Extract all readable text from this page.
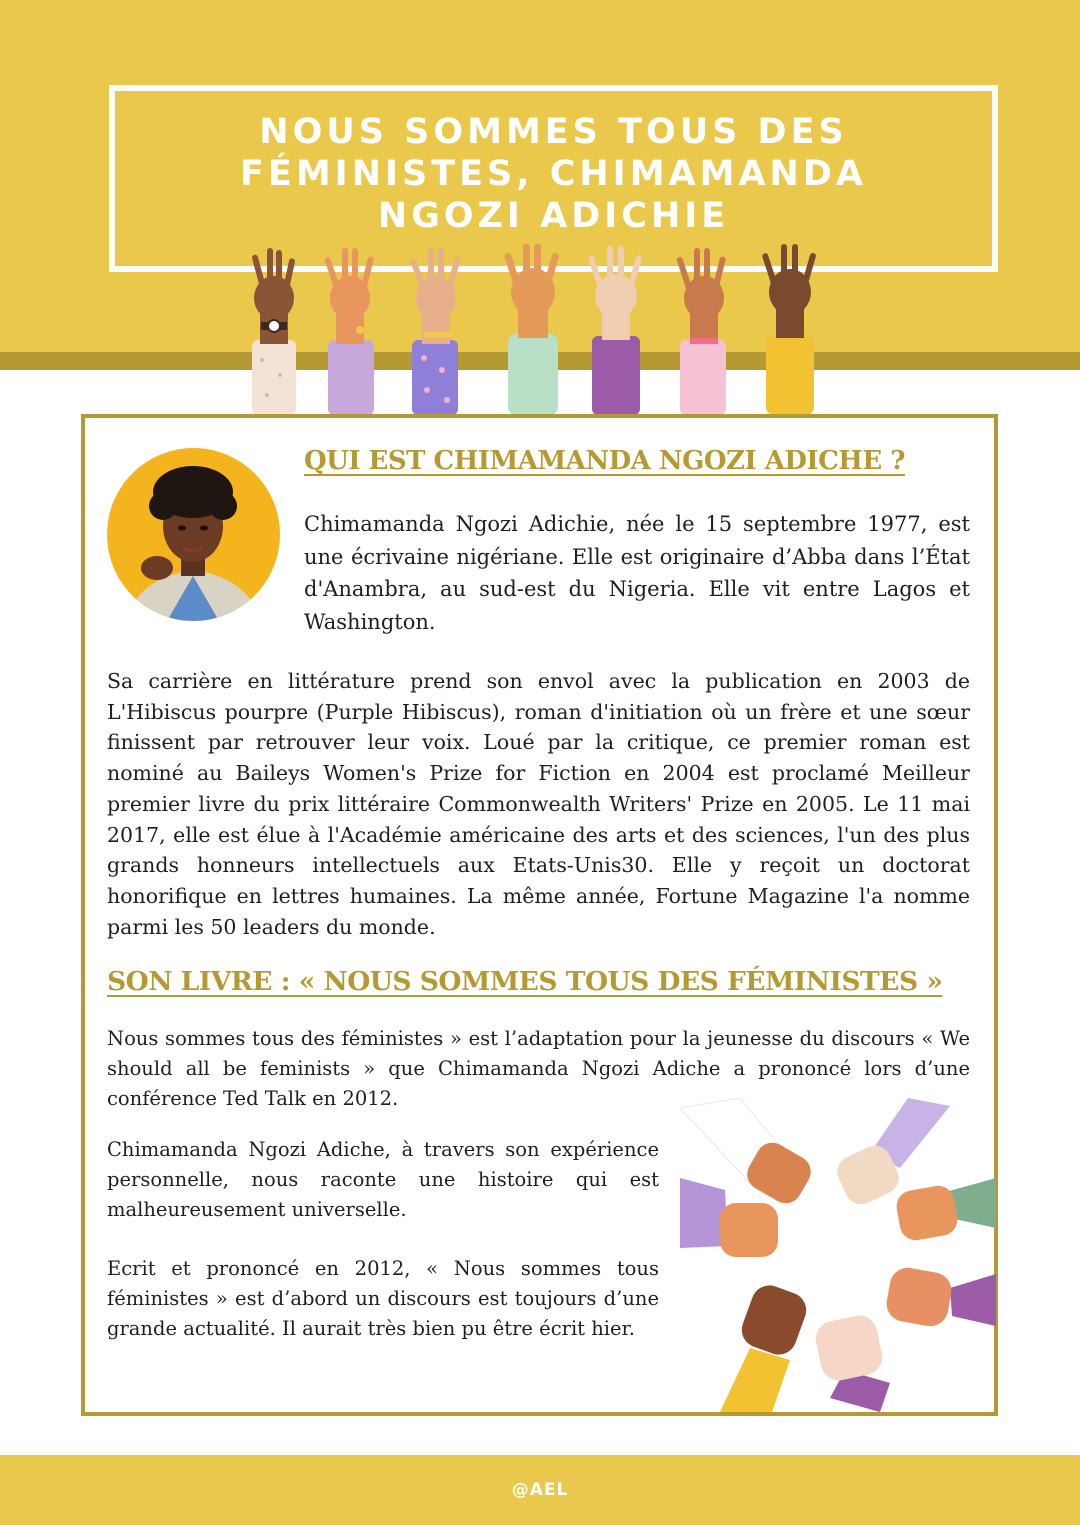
NOUS SOMMES TOUS DES FÉMINISTES, CHIMAMANDA NGOZI ADICHIE
QUI EST CHIMAMANDA NGOZI ADICHE ?

Chimamanda Ngozi Adichie, née le 15 septembre 1977, est une écrivaine nigériane. Elle est originaire d’Abba dans l’État d'Anambra, au sud-est du Nigeria. Elle vit entre Lagos et Washington.

Sa carrière en littérature prend son envol avec la publication en 2003 de L'Hibiscus pourpre (Purple Hibiscus), roman d'initiation où un frère et une sœur finissent par retrouver leur voix. Loué par la critique, ce premier roman est nominé au Baileys Women's Prize for Fiction en 2004 est proclamé Meilleur premier livre du prix littéraire Commonwealth Writers' Prize en 2005. Le 11 mai 2017, elle est élue à l'Académie américaine des arts et des sciences, l'un des plus grands honneurs intellectuels aux Etats-Unis30. Elle y reçoit un doctorat honorifique en lettres humaines. La même année, Fortune Magazine l'a nomme parmi les 50 leaders du monde.

SON LIVRE : « NOUS SOMMES TOUS DES FÉMINISTES »

Nous sommes tous des féministes » est l’adaptation pour la jeunesse du discours « We should all be feminists » que Chimamanda Ngozi Adiche a prononcé lors d’une conférence Ted Talk en 2012.

Chimamanda Ngozi Adiche, à travers son expérience personnelle, nous raconte une histoire qui est malheureusement universelle.

Ecrit et prononcé en 2012, « Nous sommes tous féministes » est d’abord un discours est toujours d’une grande actualité. Il aurait très bien pu être écrit hier.

@AEL
